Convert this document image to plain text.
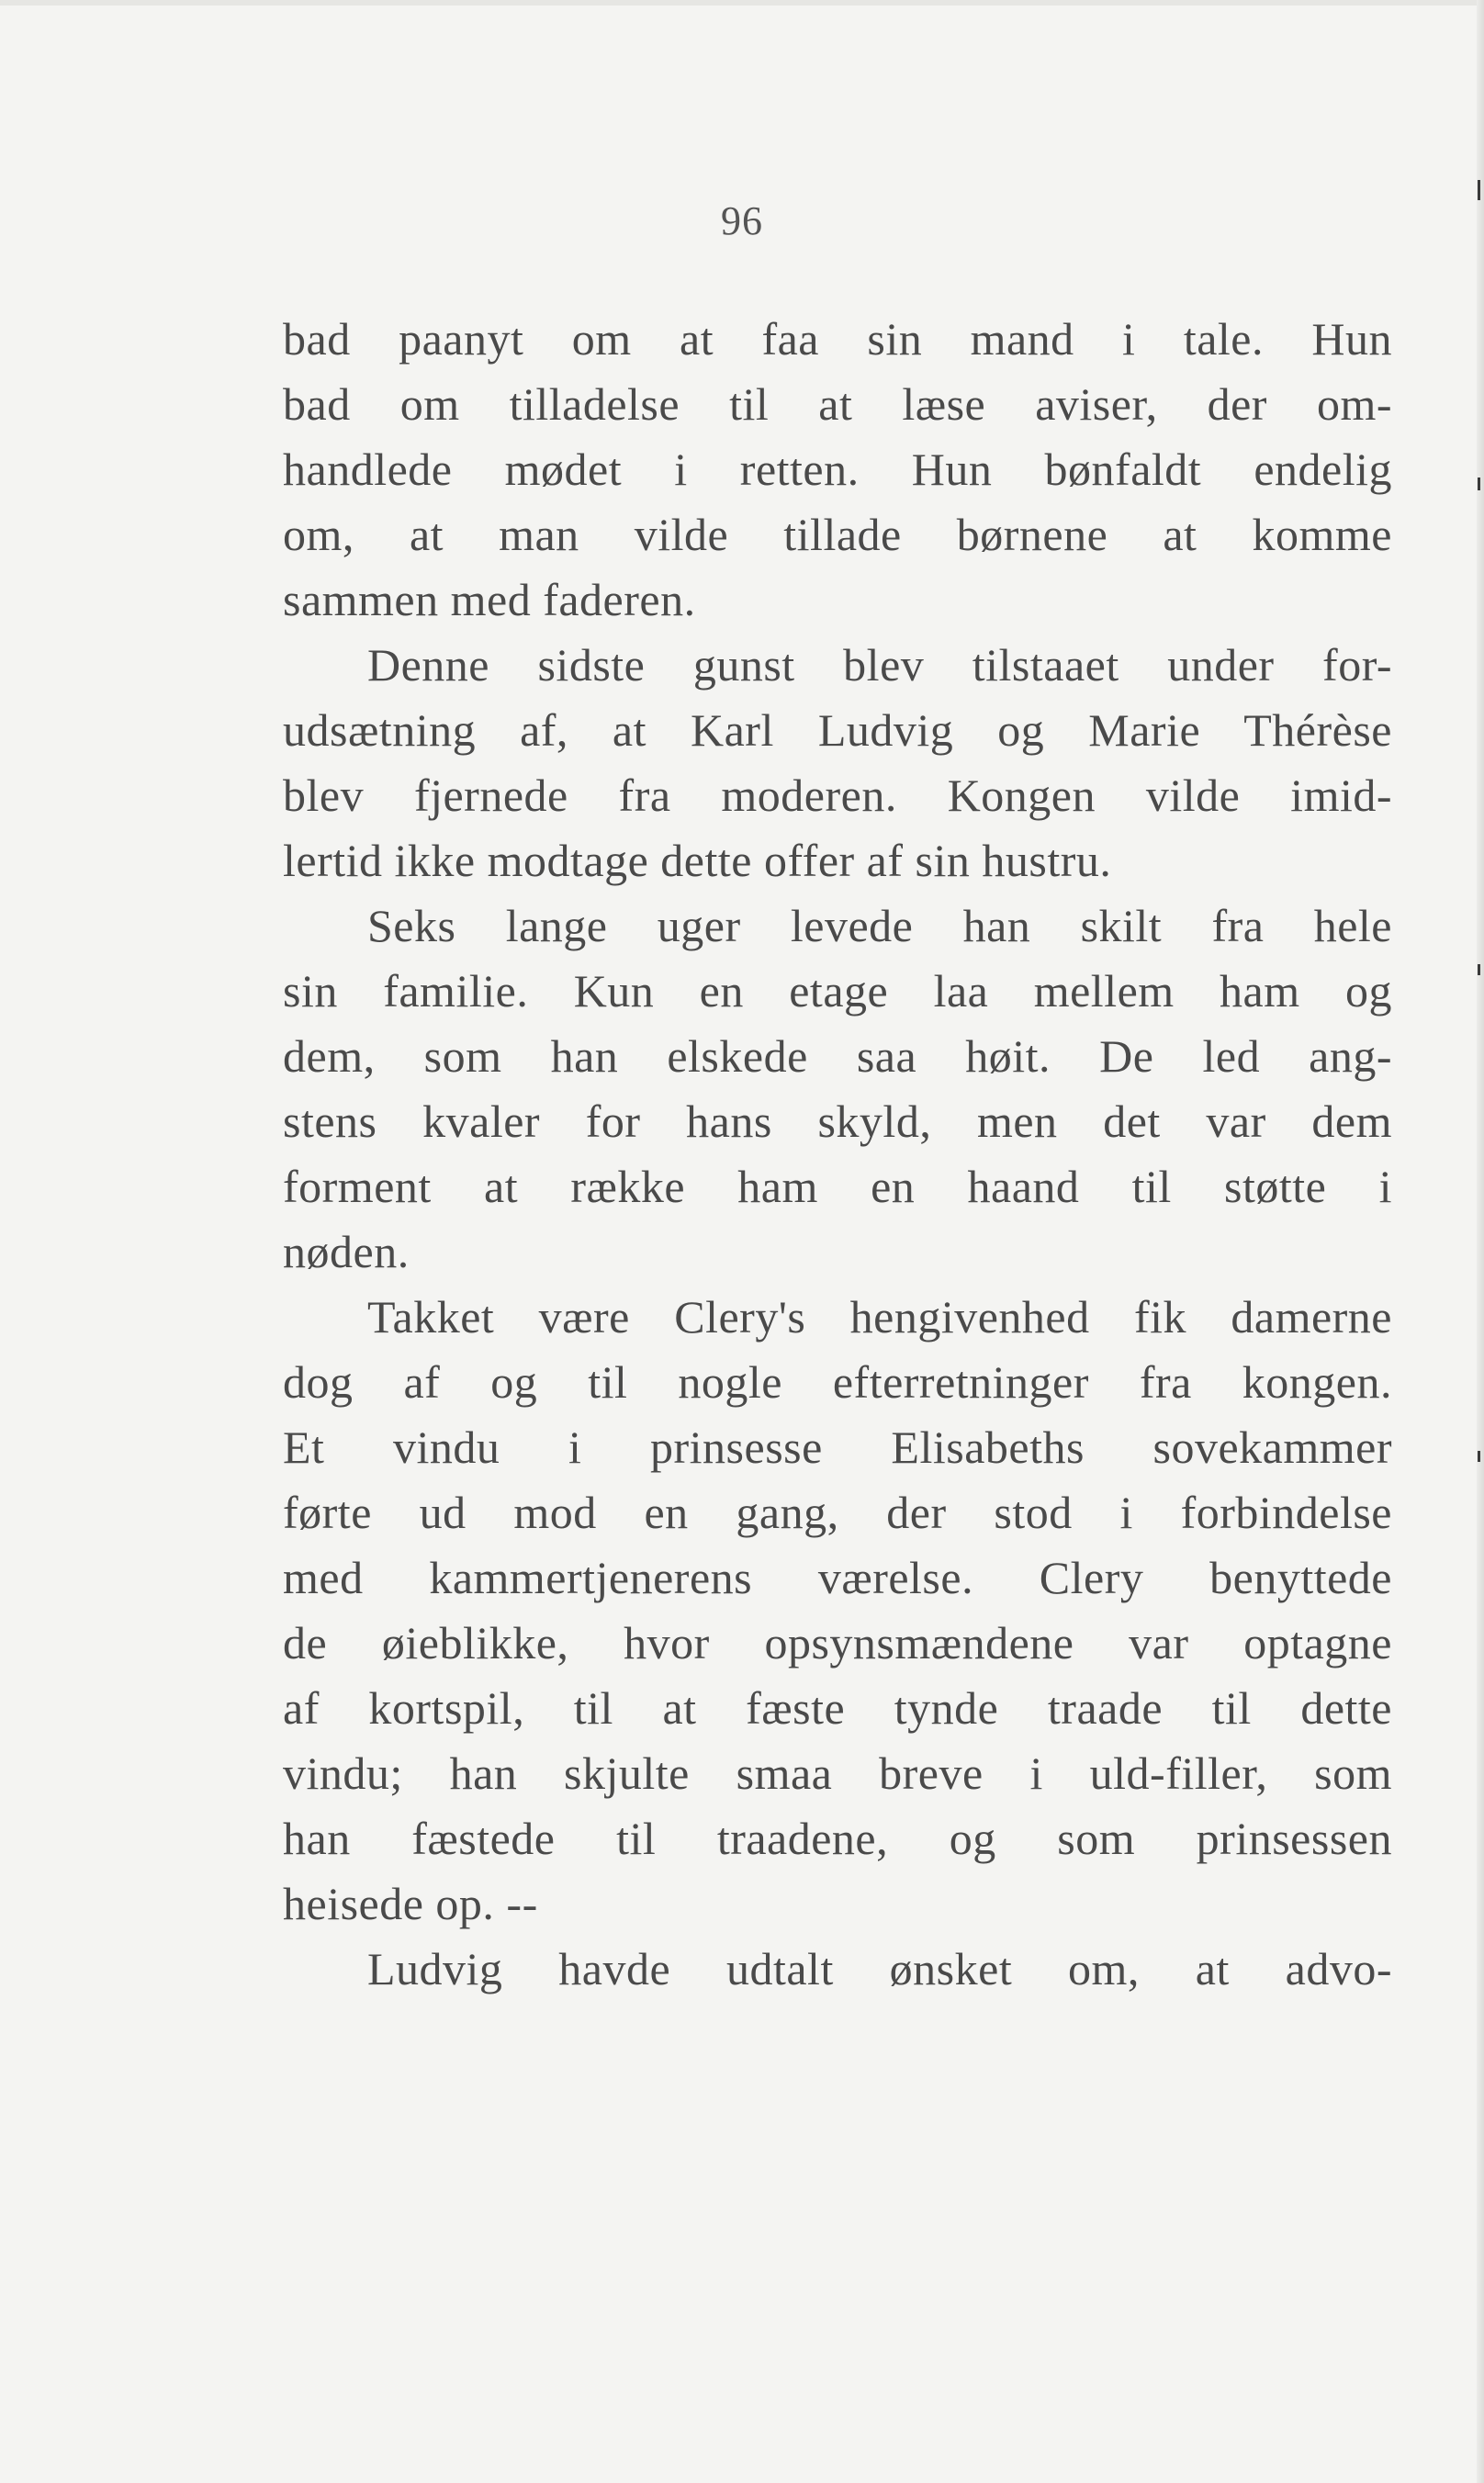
96
bad paanyt om at faa sin mand i tale. Hun
bad om tilladelse til at læse aviser, der om-
handlede mødet i retten. Hun bønfaldt endelig
om, at man vilde tillade børnene at komme
sammen med faderen.
Denne sidste gunst blev tilstaaet under for-
udsætning af, at Karl Ludvig og Marie Thérèse
blev fjernede fra moderen. Kongen vilde imid-
lertid ikke modtage dette offer af sin hustru.
Seks lange uger levede han skilt fra hele
sin familie. Kun en etage laa mellem ham og
dem, som han elskede saa høit. De led ang-
stens kvaler for hans skyld, men det var dem
forment at række ham en haand til støtte i
nøden.
Takket være Clery's hengivenhed fik damerne
dog af og til nogle efterretninger fra kongen.
Et vindu i prinsesse Elisabeths sovekammer
førte ud mod en gang, der stod i forbindelse
med kammertjenerens værelse. Clery benyttede
de øieblikke, hvor opsynsmændene var optagne
af kortspil, til at fæste tynde traade til dette
vindu; han skjulte smaa breve i uld-filler, som
han fæstede til traadene, og som prinsessen
heisede op. --
Ludvig havde udtalt ønsket om, at advo-
